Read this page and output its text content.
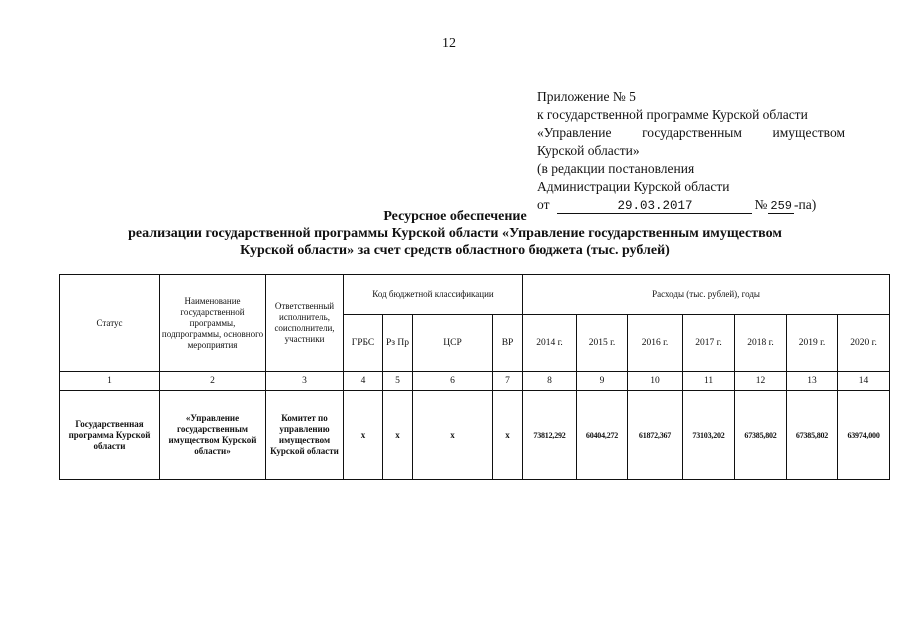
12
Приложение № 5
к государственной программе Курской области
«Управление государственным имуществом
Курской области»
(в редакции постановления
Администрации Курской области
от	29.03.2017	№ 259 -па)
Ресурсное обеспечение
реализации государственной программы Курской области «Управление государственным имуществом
Курской области» за счет средств областного бюджета (тыс. рублей)
Статус	Наименование государственной программы, подпрограммы, основного мероприятия	Ответственный исполнитель, соисполнители, участники	Код бюджетной классификации				Расходы (тыс. рублей), годы						
			ГРБС	Рз Пр	ЦСР	ВР	2014 г.	2015 г.	2016 г.	2017 г.	2018 г.	2019 г.	2020 г.
1	2	3	4	5	6	7	8	9	10	11	12	13	14
Государственная программа Курской области	«Управление государственным имуществом Курской области»	Комитет по управлению имуществом Курской области	x	x	x	x	73812,292	60404,272	61872,367	73103,202	67385,802	67385,802	63974,000
